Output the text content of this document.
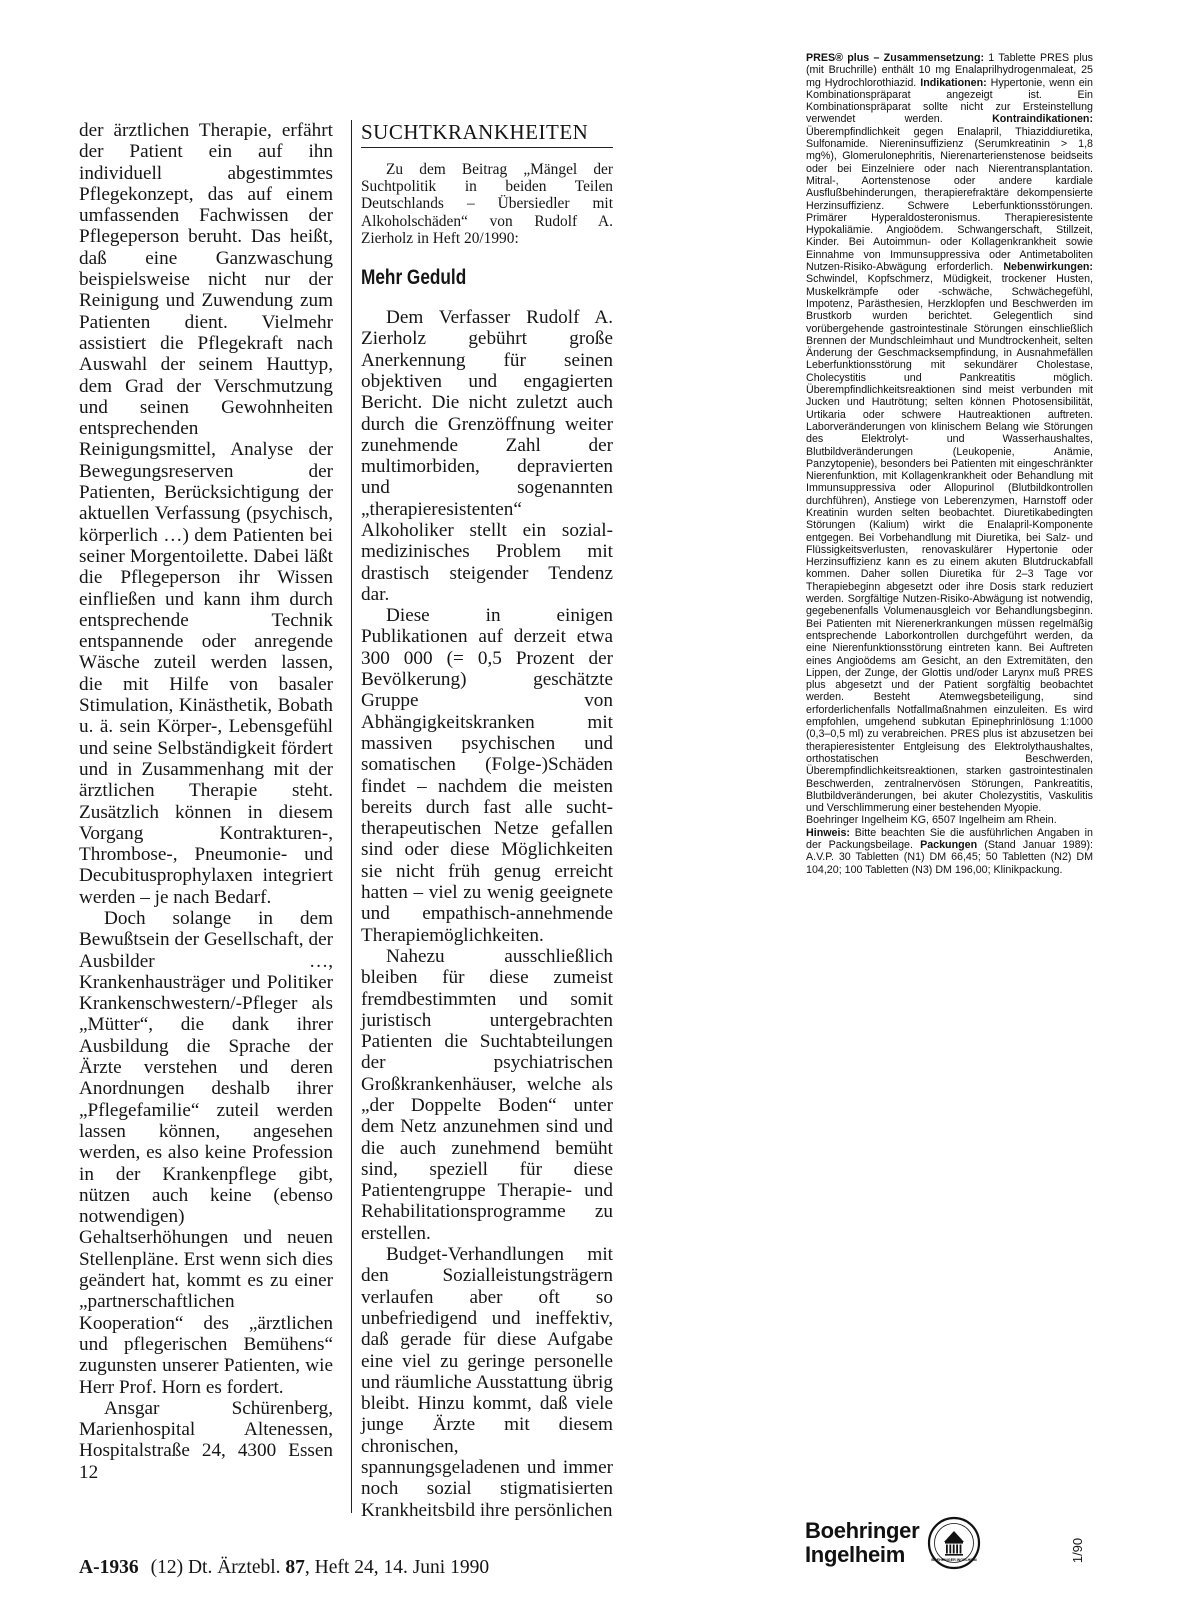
der ärztlichen Therapie, erfährt der Patient ein auf ihn individuell abgestimmtes Pflegekonzept, das auf einem umfassenden Fachwissen der Pflegeperson beruht. Das heißt, daß eine Ganzwaschung beispielsweise nicht nur der Reinigung und Zuwendung zum Patienten dient. Vielmehr assistiert die Pflegekraft nach Auswahl der seinem Hauttyp, dem Grad der Verschmutzung und seinen Gewohnheiten entsprechenden Reinigungsmittel, Analyse der Bewegungsreserven der Patienten, Berücksichtigung der aktuellen Verfassung (psychisch, körperlich …) dem Patienten bei seiner Morgentoilette. Dabei läßt die Pflegeperson ihr Wissen einfließen und kann ihm durch entsprechende Technik entspannende oder anregende Wäsche zuteil werden lassen, die mit Hilfe von basaler Stimulation, Kinästhetik, Bobath u. ä. sein Körper-, Lebensgefühl und seine Selbständigkeit fördert und in Zusammenhang mit der ärztlichen Therapie steht. Zusätzlich können in diesem Vorgang Kontrakturen-, Thrombose-, Pneumonie- und Decubitusprophylaxen integriert werden – je nach Bedarf.

Doch solange in dem Bewußtsein der Gesellschaft, der Ausbilder …, Krankenhausträger und Politiker Krankenschwestern/-Pfleger als „Mütter“, die dank ihrer Ausbildung die Sprache der Ärzte verstehen und deren Anordnungen deshalb ihrer „Pflegefamilie“ zuteil werden lassen können, angesehen werden, es also keine Profession in der Krankenpflege gibt, nützen auch keine (ebenso notwendigen) Gehaltserhöhungen und neuen Stellenpläne. Erst wenn sich dies geändert hat, kommt es zu einer „partnerschaftlichen Kooperation“ des „ärztlichen und pflegerischen Bemühens“ zugunsten unserer Patienten, wie Herr Prof. Horn es fordert.

Ansgar Schürenberg, Marienhospital Altenessen, Hospitalstraße 24, 4300 Essen 12

SUCHTKRANKHEITEN

Zu dem Beitrag „Mängel der Suchtpolitik in beiden Teilen Deutschlands – Übersiedler mit Alkoholschäden“ von Rudolf A. Zierholz in Heft 20/1990:

Mehr Geduld

Dem Verfasser Rudolf A. Zierholz gebührt große Anerkennung für seinen objektiven und engagierten Bericht. Die nicht zuletzt auch durch die Grenzöffnung weiter zunehmende Zahl der multimorbiden, depravierten und sogenannten „therapieresistenten“ Alkoholiker stellt ein sozial-medizinisches Problem mit drastisch steigender Tendenz dar.

Diese in einigen Publikationen auf derzeit etwa 300 000 (= 0,5 Prozent der Bevölkerung) geschätzte Gruppe von Abhängigkeitskranken mit massiven psychischen und somatischen (Folge-)Schäden findet – nachdem die meisten bereits durch fast alle sucht-therapeutischen Netze gefallen sind oder diese Möglichkeiten sie nicht früh genug erreicht hatten – viel zu wenig geeignete und empathisch-annehmende Therapiemöglichkeiten.

Nahezu ausschließlich bleiben für diese zumeist fremdbestimmten und somit juristisch untergebrachten Patienten die Suchtabteilungen der psychiatrischen Großkrankenhäuser, welche als „der Doppelte Boden“ unter dem Netz anzunehmen sind und die auch zunehmend bemüht sind, speziell für diese Patientengruppe Therapie- und Rehabilitationsprogramme zu erstellen.

Budget-Verhandlungen mit den Sozialleistungsträgern verlaufen aber oft so unbefriedigend und ineffektiv, daß gerade für diese Aufgabe eine viel zu geringe personelle und räumliche Ausstattung übrig bleibt. Hinzu kommt, daß viele junge Ärzte mit diesem chronischen, spannungsgeladenen und immer noch sozial stigmatisierten Krankheitsbild ihre persönlichen

PRES® plus – Zusammensetzung: 1 Tablette PRES plus (mit Bruchrille) enthält 10 mg Enalaprilhydrogenmaleat, 25 mg Hydrochlorothiazid. Indikationen: Hypertonie, wenn ein Kombinationspräparat angezeigt ist. Ein Kombinationspräparat sollte nicht zur Ersteinstellung verwendet werden. Kontraindikationen: Überempfindlichkeit gegen Enalapril, Thiaziddiuretika, Sulfonamide. Niereninsuffizienz (Serumkreatinin > 1,8 mg%), Glomerulonephritis, Nierenarterienstenose beidseits oder bei Einzelniere oder nach Nierentransplantation. Mitral-, Aortenstenose oder andere kardiale Ausflußbehinderungen, therapierefraktäre dekompensierte Herzinsuffizienz. Schwere Leberfunktionsstörungen. Primärer Hyperaldosteronismus. Therapieresistente Hypokaliämie. Angioödem. Schwangerschaft, Stillzeit, Kinder. Bei Autoimmun- oder Kollagenkrankheit sowie Einnahme von Immunsuppressiva oder Antimetaboliten Nutzen-Risiko-Abwägung erforderlich. Nebenwirkungen: Schwindel, Kopfschmerz, Müdigkeit, trockener Husten, Muskelkrämpfe oder -schwäche, Schwächegefühl, Impotenz, Parästhesien, Herzklopfen und Beschwerden im Brustkorb wurden berichtet. Gelegentlich sind vorübergehende gastrointestinale Störungen einschließlich Brennen der Mundschleimhaut und Mundtrockenheit, selten Änderung der Geschmacksempfindung, in Ausnahmefällen Leberfunktionsstörung mit sekundärer Cholestase, Cholecystitis und Pankreatitis möglich. Überempfindlichkeitsreaktionen sind meist verbunden mit Jucken und Hautrötung; selten können Photosensibilität, Urtikaria oder schwere Hautreaktionen auftreten. Laborveränderungen von klinischem Belang wie Störungen des Elektrolyt- und Wasserhaushaltes, Blutbildveränderungen (Leukopenie, Anämie, Panzytopenie), besonders bei Patienten mit eingeschränkter Nierenfunktion, mit Kollagenkrankheit oder Behandlung mit Immunsuppressiva oder Allopurinol (Blutbildkontrollen durchführen), Anstiege von Leberenzymen, Harnstoff oder Kreatinin wurden selten beobachtet. Diuretikabedingten Störungen (Kalium) wirkt die Enalapril-Komponente entgegen. Bei Vorbehandlung mit Diuretika, bei Salz- und Flüssigkeitsverlusten, renovaskulärer Hypertonie oder Herzinsuffizienz kann es zu einem akuten Blutdruckabfall kommen. Daher sollen Diuretika für 2–3 Tage vor Therapiebeginn abgesetzt oder ihre Dosis stark reduziert werden. Sorgfältige Nutzen-Risiko-Abwägung ist notwendig, gegebenenfalls Volumenausgleich vor Behandlungsbeginn. Bei Patienten mit Nierenerkrankungen müssen regelmäßig entsprechende Laborkontrollen durchgeführt werden, da eine Nierenfunktionsstörung eintreten kann. Bei Auftreten eines Angioödems am Gesicht, an den Extremitäten, den Lippen, der Zunge, der Glottis und/oder Larynx muß PRES plus abgesetzt und der Patient sorgfältig beobachtet werden. Besteht Atemwegsbeteiligung, sind erforderlichenfalls Notfallmaßnahmen einzuleiten. Es wird empfohlen, umgehend subkutan Epinephrinlösung 1:1000 (0,3–0,5 ml) zu verabreichen. PRES plus ist abzusetzen bei therapieresistenter Entgleisung des Elektrolythaushaltes, orthostatischen Beschwerden, Überempfindlichkeitsreaktionen, starken gastrointestinalen Beschwerden, zentralnervösen Störungen, Pankreatitis, Blutbildveränderungen, bei akuter Cholezystitis, Vaskulitis und Verschlimmerung einer bestehenden Myopie.

Boehringer Ingelheim KG, 6507 Ingelheim am Rhein.

Hinweis: Bitte beachten Sie die ausführlichen Angaben in der Packungsbeilage. Packungen (Stand Januar 1989): A.V.P. 30 Tabletten (N1) DM 66,45; 50 Tabletten (N2) DM 104,20; 100 Tabletten (N3) DM 196,00; Klinikpackung.

A-1936 (12) Dt. Ärztebl. 87, Heft 24, 14. Juni 1990
Boehringer
Ingelheim	BOEHRINGER INGELHEIM	1/90
